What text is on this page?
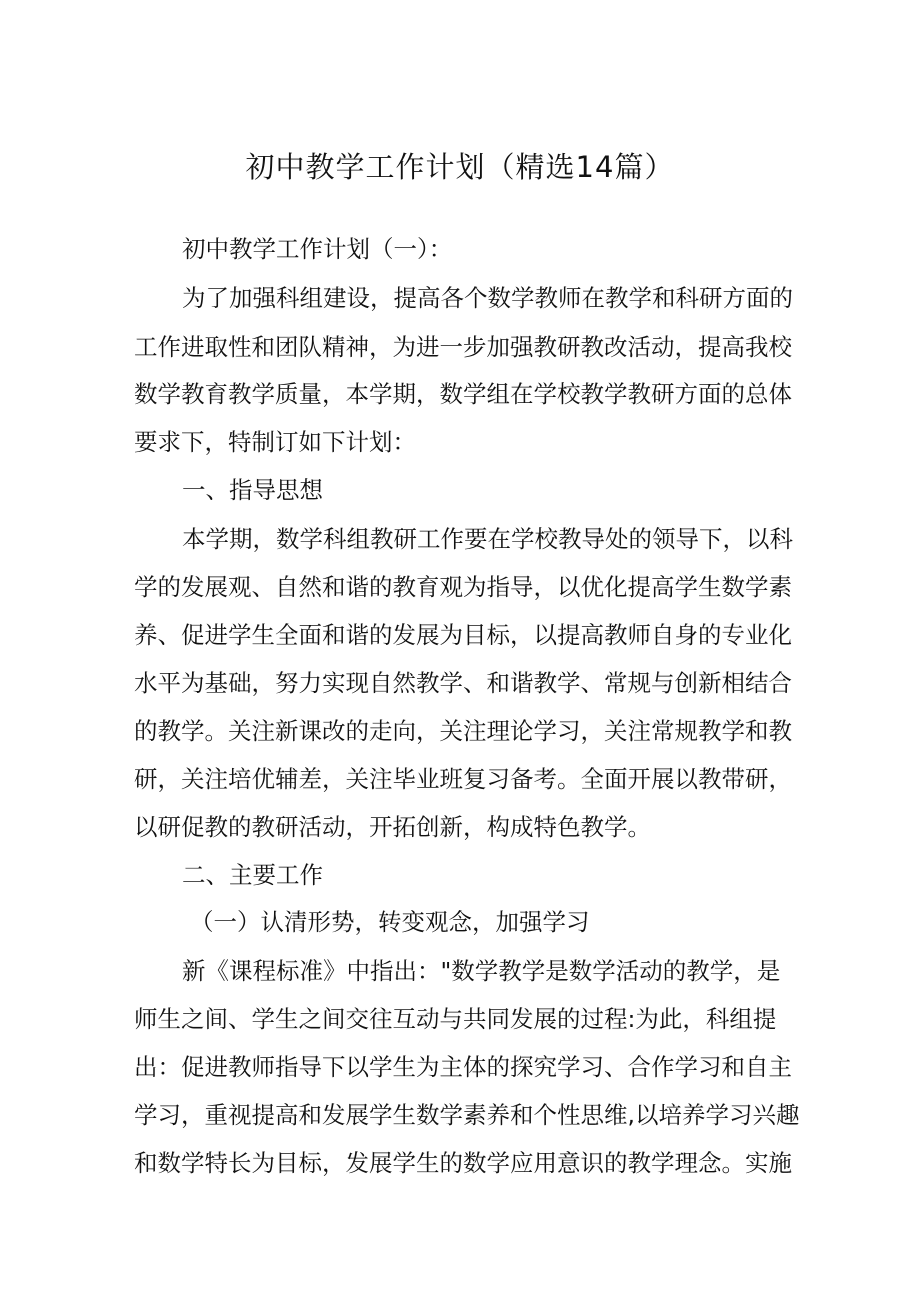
初中教学工作计划（精选14篇）
初中教学工作计划（一）：
为了加强科组建设，提高各个数学教师在教学和科研方面的
工作进取性和团队精神，为进一步加强教研教改活动，提高我校
数学教育教学质量，本学期，数学组在学校教学教研方面的总体
要求下，特制订如下计划：
一、指导思想
本学期，数学科组教研工作要在学校教导处的领导下，以科
学的发展观、自然和谐的教育观为指导，以优化提高学生数学素
养、促进学生全面和谐的发展为目标，以提高教师自身的专业化
水平为基础，努力实现自然教学、和谐教学、常规与创新相结合
的教学。关注新课改的走向，关注理论学习，关注常规教学和教
研，关注培优辅差，关注毕业班复习备考。全面开展以教带研，
以研促教的教研活动，开拓创新，构成特色教学。
二、主要工作
（一）认清形势，转变观念，加强学习
新《课程标准》中指出："数学教学是数学活动的教学，是
师生之间、学生之间交往互动与共同发展的过程:为此，科组提
出：促进教师指导下以学生为主体的探究学习、合作学习和自主
学习，重视提高和发展学生数学素养和个性思维,以培养学习兴趣
和数学特长为目标，发展学生的数学应用意识的教学理念。实施
